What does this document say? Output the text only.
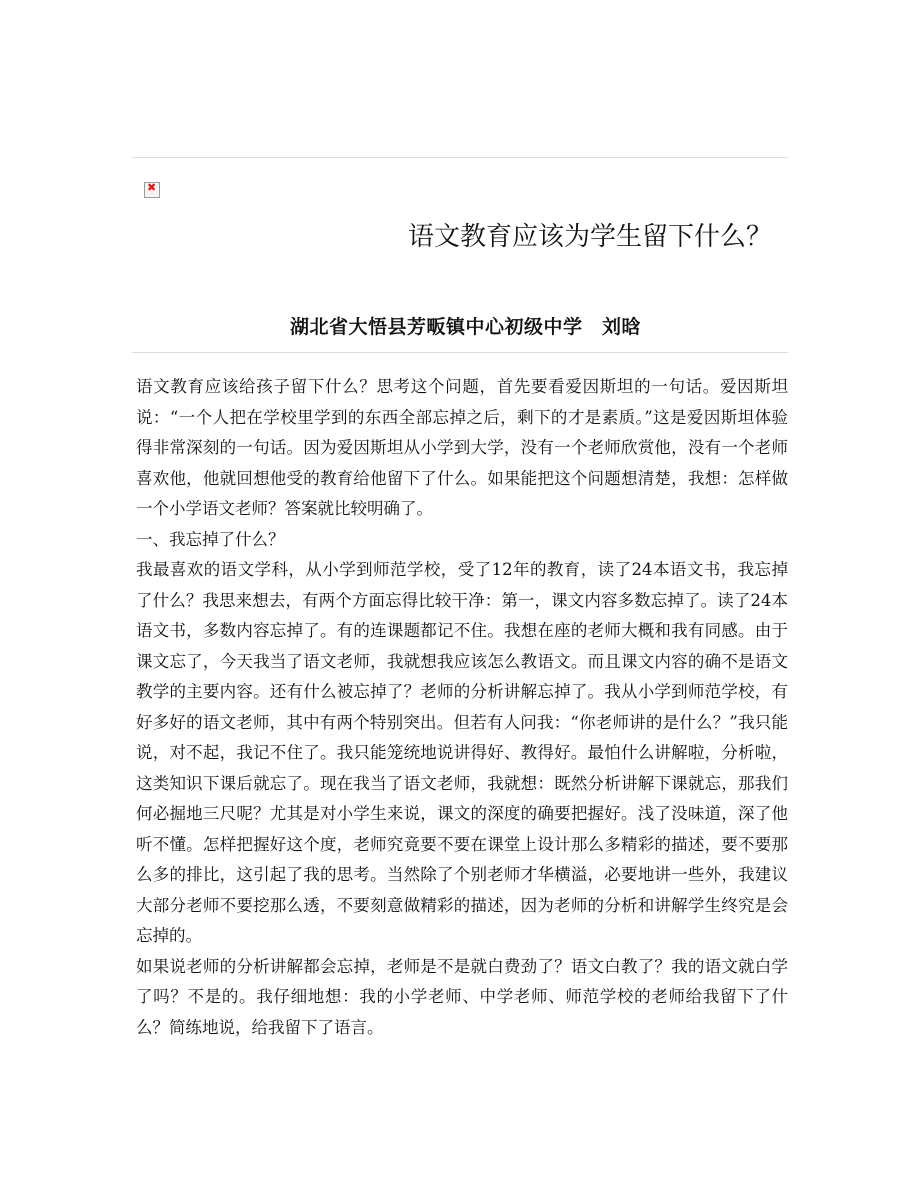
✖
语文教育应该为学生留下什么？
湖北省大悟县芳畈镇中心初级中学　刘晗

语文教育应该给孩子留下什么？思考这个问题，首先要看爱因斯坦的一句话。爱因斯坦说：“一个人把在学校里学到的东西全部忘掉之后，剩下的才是素质。”这是爱因斯坦体验得非常深刻的一句话。因为爱因斯坦从小学到大学，没有一个老师欣赏他，没有一个老师喜欢他，他就回想他受的教育给他留下了什么。如果能把这个问题想清楚，我想：怎样做一个小学语文老师？答案就比较明确了。

一、我忘掉了什么？

我最喜欢的语文学科，从小学到师范学校，受了12年的教育，读了24本语文书，我忘掉了什么？我思来想去，有两个方面忘得比较干净：第一，课文内容多数忘掉了。读了24本语文书，多数内容忘掉了。有的连课题都记不住。我想在座的老师大概和我有同感。由于课文忘了，今天我当了语文老师，我就想我应该怎么教语文。而且课文内容的确不是语文教学的主要内容。还有什么被忘掉了？老师的分析讲解忘掉了。我从小学到师范学校，有好多好的语文老师，其中有两个特别突出。但若有人问我：“你老师讲的是什么？”我只能说，对不起，我记不住了。我只能笼统地说讲得好、教得好。最怕什么讲解啦，分析啦，这类知识下课后就忘了。现在我当了语文老师，我就想：既然分析讲解下课就忘，那我们何必掘地三尺呢？尤其是对小学生来说，课文的深度的确要把握好。浅了没味道，深了他听不懂。怎样把握好这个度，老师究竟要不要在课堂上设计那么多精彩的描述，要不要那么多的排比，这引起了我的思考。当然除了个别老师才华横溢，必要地讲一些外，我建议大部分老师不要挖那么透，不要刻意做精彩的描述，因为老师的分析和讲解学生终究是会忘掉的。

如果说老师的分析讲解都会忘掉，老师是不是就白费劲了？语文白教了？我的语文就白学了吗？不是的。我仔细地想：我的小学老师、中学老师、师范学校的老师给我留下了什么？简练地说，给我留下了语言。
